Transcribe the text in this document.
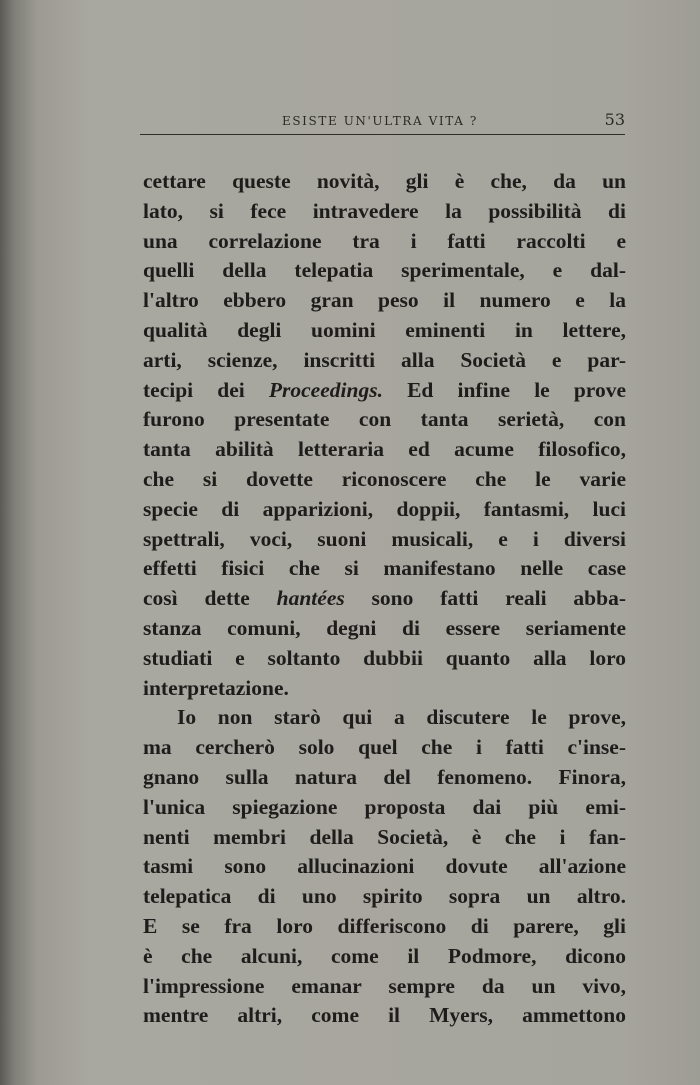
ESISTE UN'ULTRA VITA ?	53
cettare queste novità, gli è che, da un
lato, si fece intravedere la possibilità di
una correlazione tra i fatti raccolti e
quelli della telepatia sperimentale, e dal-
l'altro ebbero gran peso il numero e la
qualità degli uomini eminenti in lettere,
arti, scienze, inscritti alla Società e par-
tecipi dei Proceedings. Ed infine le prove
furono presentate con tanta serietà, con
tanta abilità letteraria ed acume filosofico,
che si dovette riconoscere che le varie
specie di apparizioni, doppii, fantasmi, luci
spettrali, voci, suoni musicali, e i diversi
effetti fisici che si manifestano nelle case
così dette hantées sono fatti reali abba-
stanza comuni, degni di essere seriamente
studiati e soltanto dubbii quanto alla loro
interpretazione.
Io non starò qui a discutere le prove,
ma cercherò solo quel che i fatti c'inse-
gnano sulla natura del fenomeno. Finora,
l'unica spiegazione proposta dai più emi-
nenti membri della Società, è che i fan-
tasmi sono allucinazioni dovute all'azione
telepatica di uno spirito sopra un altro.
E se fra loro differiscono di parere, gli
è che alcuni, come il Podmore, dicono
l'impressione emanar sempre da un vivo,
mentre altri, come il Myers, ammettono
